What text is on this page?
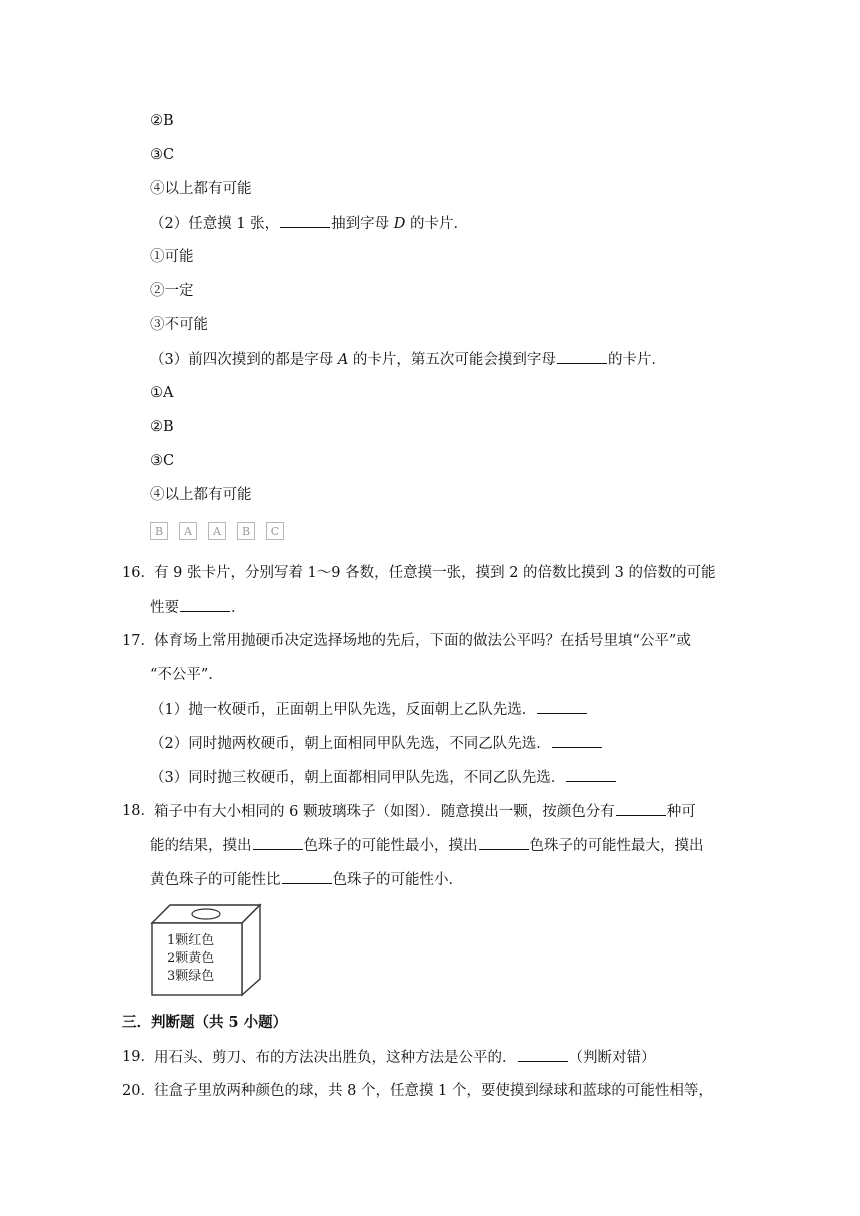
②B
③C
④以上都有可能
（2）任意摸 1 张，	抽到字母 D 的卡片．
①可能
②一定
③不可能
（3）前四次摸到的都是字母 A 的卡片，第五次可能会摸到字母	的卡片．
①A
②B
③C
④以上都有可能
B	A	A	B	C
16． 有 9 张卡片，分别写着 1～9 各数，任意摸一张，摸到 2 的倍数比摸到 3 的倍数的可能
性要	．
17． 体育场上常用抛硬币决定选择场地的先后，下面的做法公平吗？在括号里填“公平”或
“不公平”．
（1）抛一枚硬币，正面朝上甲队先选，反面朝上乙队先选．
（2）同时抛两枚硬币，朝上面相同甲队先选，不同乙队先选．
（3）同时抛三枚硬币，朝上面都相同甲队先选，不同乙队先选．
18． 箱子中有大小相同的 6 颗玻璃珠子（如图）．随意摸出一颗，按颜色分有	种可
能的结果，摸出	色珠子的可能性最小，摸出	色珠子的可能性最大，摸出
黄色珠子的可能性比	色珠子的可能性小．
1颗红色
2颗黄色
3颗绿色
三．判断题（共 5 小题）
19． 用石头、剪刀、布的方法决出胜负，这种方法是公平的．	（判断对错）
20． 往盒子里放两种颜色的球，共 8 个，任意摸 1 个，要使摸到绿球和蓝球的可能性相等，
